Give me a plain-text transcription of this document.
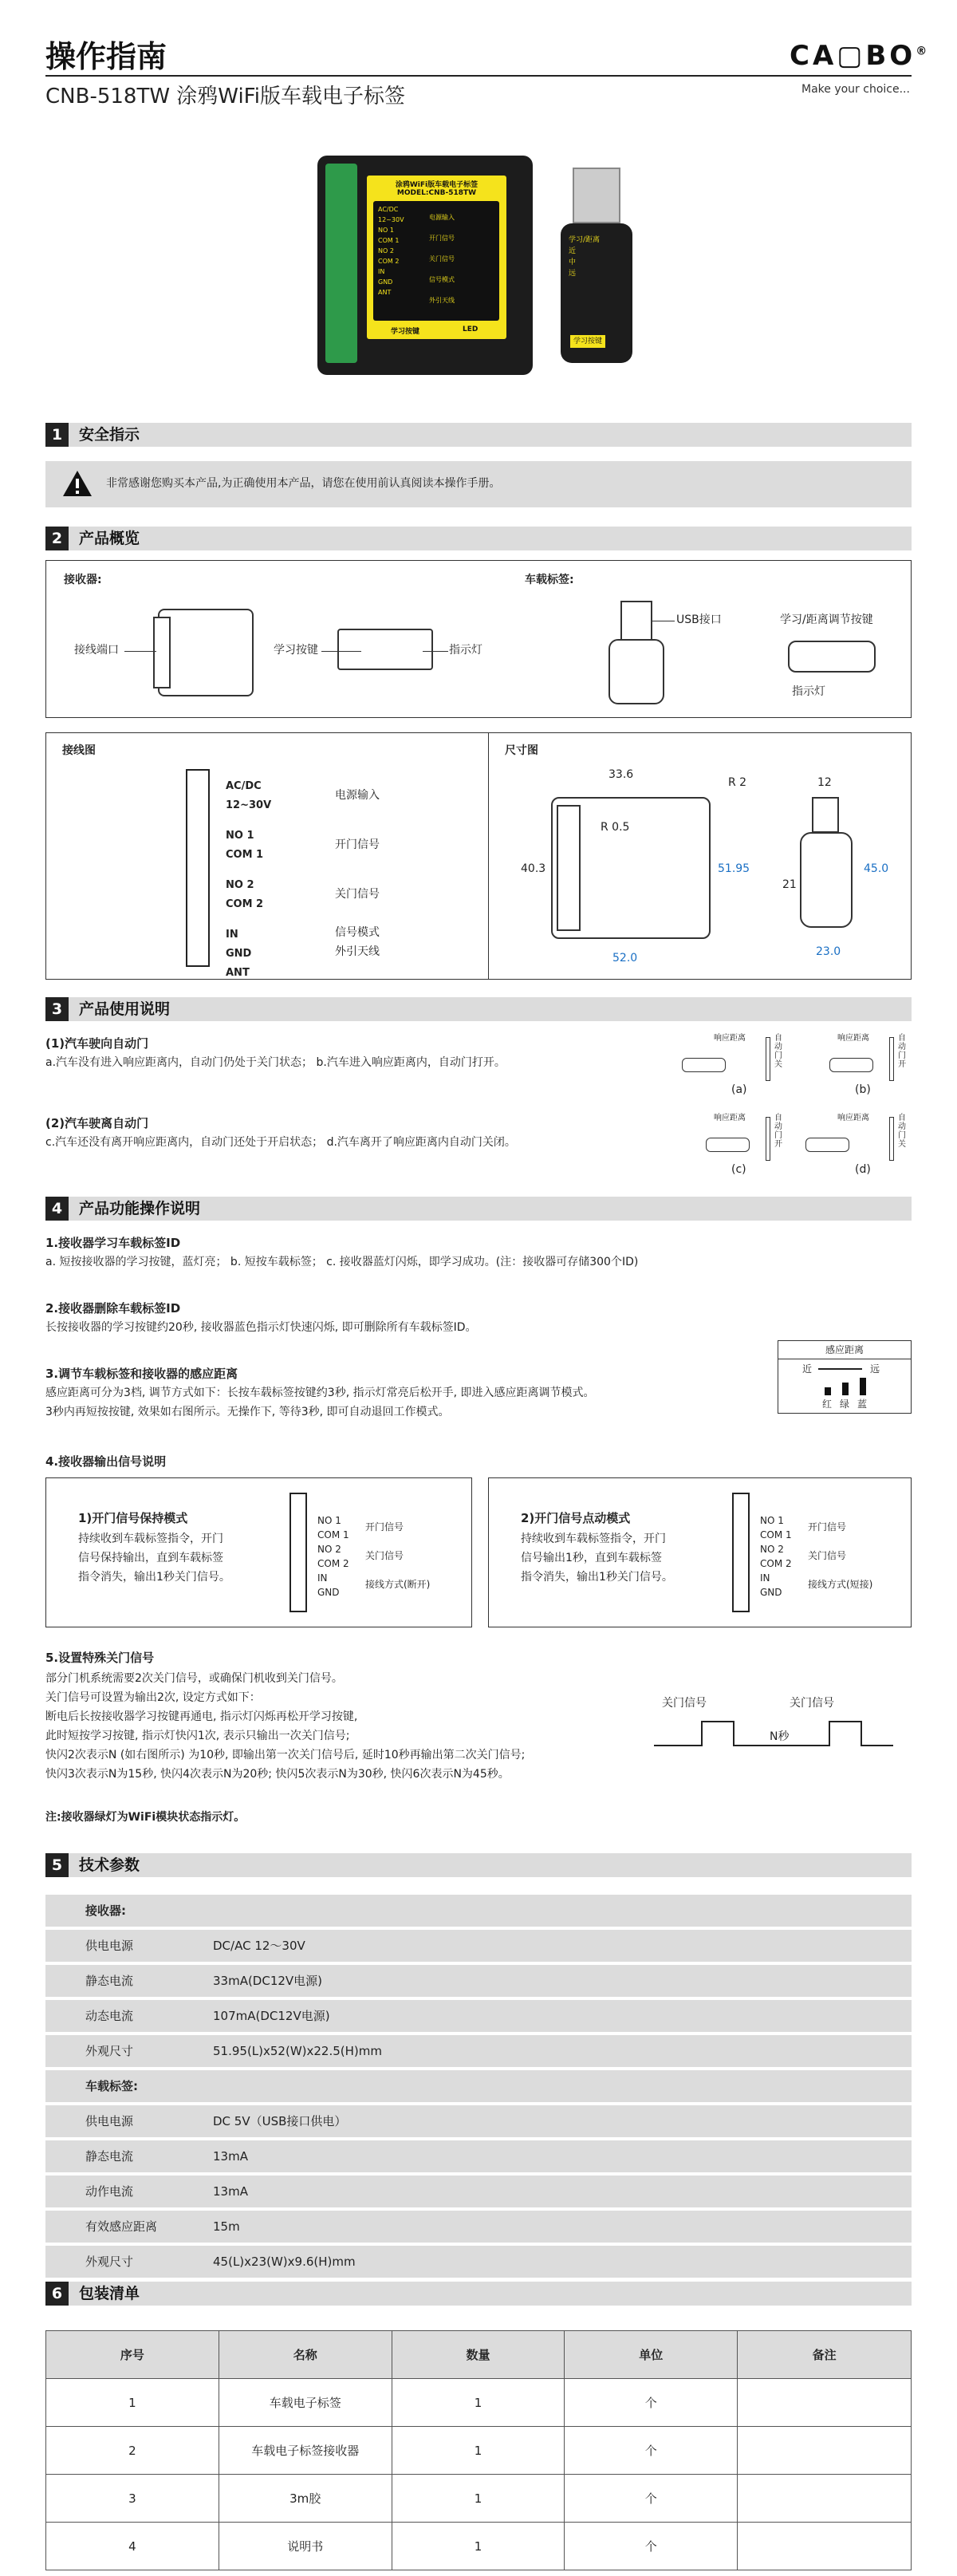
操作指南
CNB-518TW 涂鸦WiFi版车载电子标签
CA▢BO®
Make your choice...
涂鸦WiFi版车载电子标签
MODEL:CNB-518TW
AC/DC
12~30V
NO 1
COM 1
NO 2
COM 2
IN
GND
ANT
电源输入
开门信号
关门信号
信号模式
外引天线
学习按键	LED
学习/距离
近
中
远
学习按键
1	安全指示
非常感谢您购买本产品,为正确使用本产品，请您在使用前认真阅读本操作手册。
2	产品概览
接收器:	车载标签:
接线端口	学习按键	指示灯
USB接口	学习/距离调节按键
指示灯
接线图
AC/DC
12~30V
NO 1
COM 1
NO 2
COM 2
IN
GND
ANT
电源输入
开门信号
关门信号
信号模式
外引天线
尺寸图
33.6
R 2
R 0.5
40.3	51.95
52.0
12
21
45.0
23.0
3	产品使用说明
(1)汽车驶向自动门
a.汽车没有进入响应距离内，自动门仍处于关门状态； b.汽车进入响应距离内，自动门打开。
(2)汽车驶离自动门
c.汽车还没有离开响应距离内，自动门还处于开启状态； d.汽车离开了响应距离内自动门关闭。
响应距离	自动门关
(a)
响应距离	自动门开
(b)
响应距离	自动门开
(c)
响应距离	自动门关
(d)
4	产品功能操作说明
1.接收器学习车载标签ID
a. 短按接收器的学习按键，蓝灯亮； b. 短按车载标签； c. 接收器蓝灯闪烁，即学习成功。(注：接收器可存储300个ID)
2.接收器删除车载标签ID
长按接收器的学习按键约20秒, 接收器蓝色指示灯快速闪烁, 即可删除所有车载标签ID。
3.调节车载标签和接收器的感应距离
感应距离可分为3档, 调节方式如下：长按车载标签按键约3秒, 指示灯常亮后松开手, 即进入感应距离调节模式。
3秒内再短按按键, 效果如右图所示。无操作下, 等待3秒, 即可自动退回工作模式。
感应距离
近	远
红 绿 蓝
4.接收器输出信号说明
1)开门信号保持模式
持续收到车载标签指令，开门
信号保持输出，直到车载标签
指令消失，输出1秒关门信号。
NO 1
COM 1
NO 2
COM 2
IN
GND
开门信号
关门信号
接线方式(断开)
2)开门信号点动模式
持续收到车载标签指令，开门
信号输出1秒，直到车载标签
指令消失，输出1秒关门信号。
NO 1
COM 1
NO 2
COM 2
IN
GND
开门信号
关门信号
接线方式(短接)
5.设置特殊关门信号
部分门机系统需要2次关门信号，或确保门机收到关门信号。
关门信号可设置为输出2次, 设定方式如下：
断电后长按接收器学习按键再通电, 指示灯闪烁再松开学习按键,
此时短按学习按键, 指示灯快闪1次, 表示只输出一次关门信号;
快闪2次表示N (如右图所示) 为10秒, 即输出第一次关门信号后, 延时10秒再输出第二次关门信号;
快闪3次表示N为15秒, 快闪4次表示N为20秒; 快闪5次表示N为30秒, 快闪6次表示N为45秒。
关门信号	关门信号
N秒
注:接收器绿灯为WiFi模块状态指示灯。
5	技术参数
接收器:
供电电源	DC/AC 12～30V
静态电流	33mA(DC12V电源)
动态电流	107mA(DC12V电源)
外观尺寸	51.95(L)x52(W)x22.5(H)mm
车载标签:
供电电源	DC 5V（USB接口供电）
静态电流	13mA
动作电流	13mA
有效感应距离	15m
外观尺寸	45(L)x23(W)x9.6(H)mm
6	包装清单
序号	名称	数量	单位	备注
1	车载电子标签	1	个	
2	车载电子标签接收器	1	个	
3	3m胶	1	个	
4	说明书	1	个	
